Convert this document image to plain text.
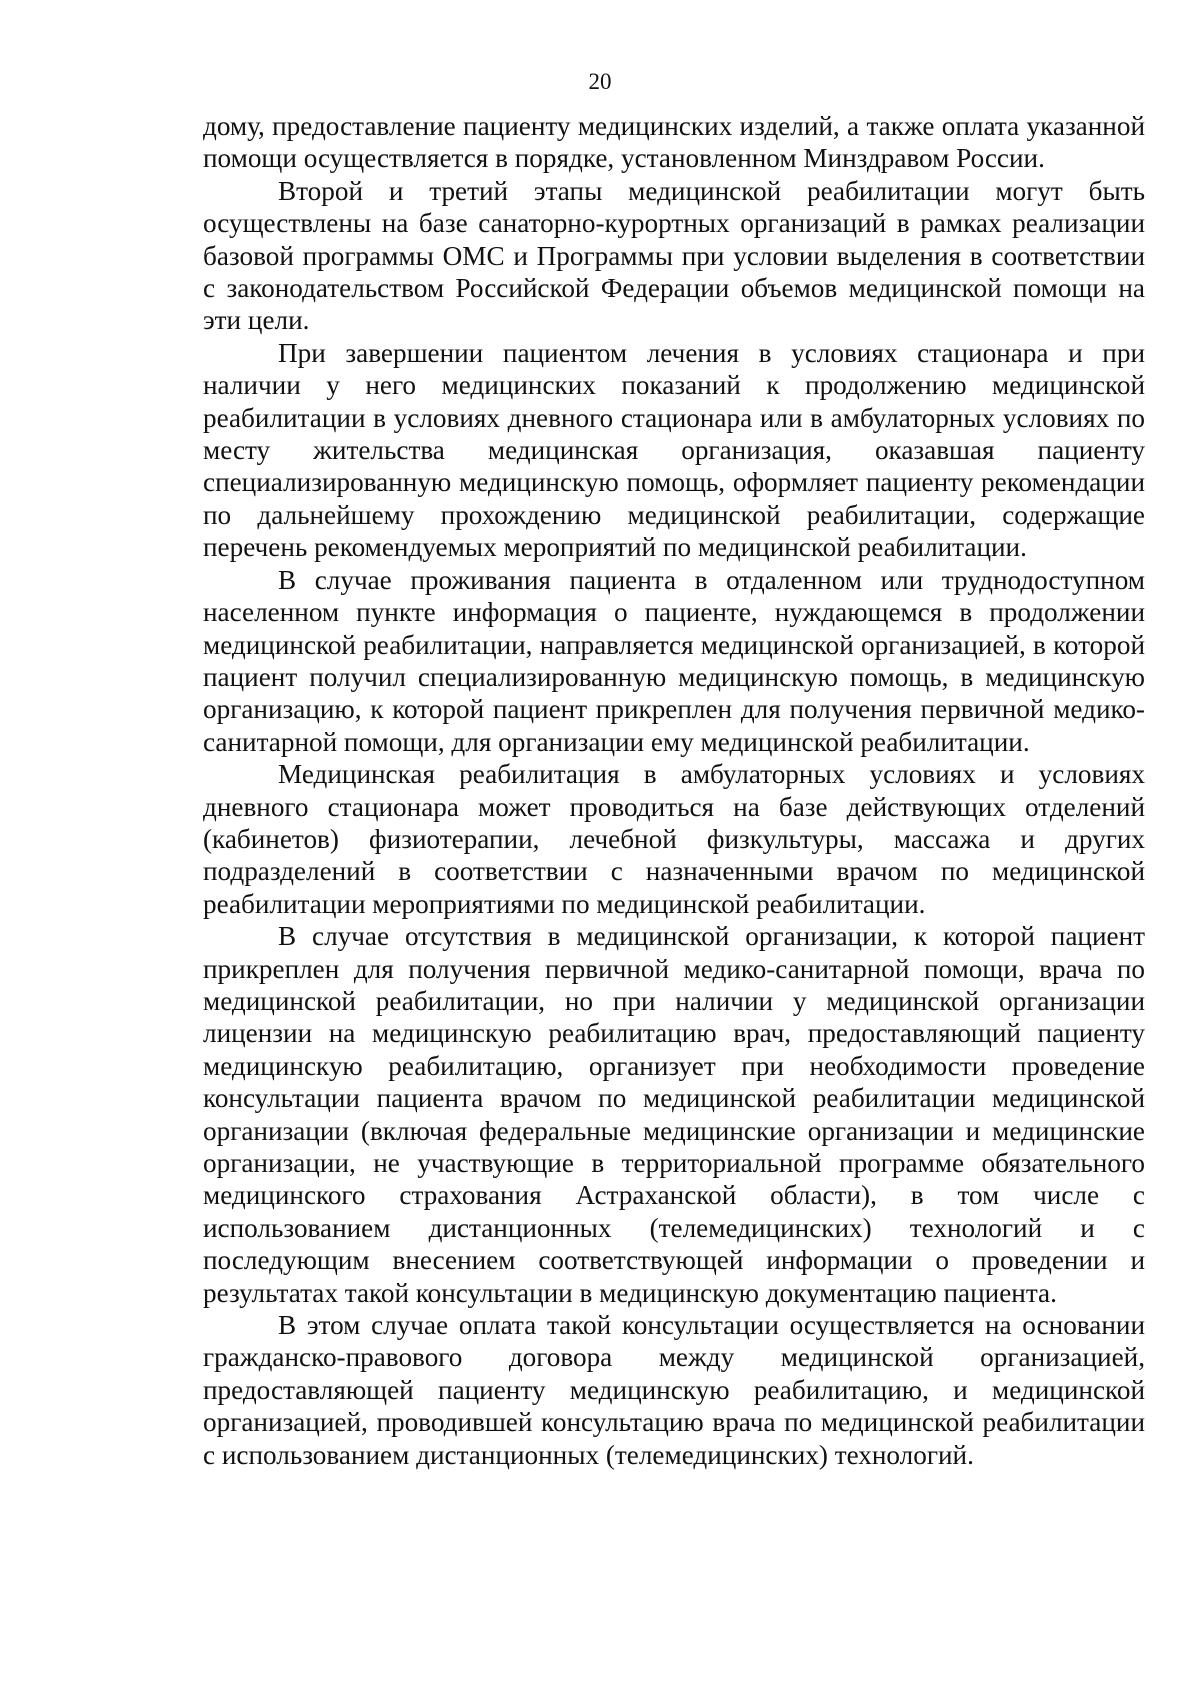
20

дому, предоставление пациенту медицинских изделий, а также оплата указанной помощи осуществляется в порядке, установленном Минздравом России.

Второй и третий этапы медицинской реабилитации могут быть осуществлены на базе санаторно-курортных организаций в рамках реализации базовой программы ОМС и Программы при условии выделения в соответствии с законодательством Российской Федерации объемов медицинской помощи на эти цели.

При завершении пациентом лечения в условиях стационара и при наличии у него медицинских показаний к продолжению медицинской реабилитации в условиях дневного стационара или в амбулаторных условиях по месту жительства медицинская организация, оказавшая пациенту специализированную медицинскую помощь, оформляет пациенту рекомендации по дальнейшему прохождению медицинской реабилитации, содержащие перечень рекомендуемых мероприятий по медицинской реабилитации.

В случае проживания пациента в отдаленном или труднодоступном населенном пункте информация о пациенте, нуждающемся в продолжении медицинской реабилитации, направляется медицинской организацией, в которой пациент получил специализированную медицинскую помощь, в медицинскую организацию, к которой пациент прикреплен для получения первичной медико-санитарной помощи, для организации ему медицинской реабилитации.

Медицинская реабилитация в амбулаторных условиях и условиях дневного стационара может проводиться на базе действующих отделений (кабинетов) физиотерапии, лечебной физкультуры, массажа и других подразделений в соответствии с назначенными врачом по медицинской реабилитации мероприятиями по медицинской реабилитации.

В случае отсутствия в медицинской организации, к которой пациент прикреплен для получения первичной медико-санитарной помощи, врача по медицинской реабилитации, но при наличии у медицинской организации лицензии на медицинскую реабилитацию врач, предоставляющий пациенту медицинскую реабилитацию, организует при необходимости проведение консультации пациента врачом по медицинской реабилитации медицинской организации (включая федеральные медицинские организации и медицинские организации, не участвующие в территориальной программе обязательного медицинского страхования Астраханской области), в том числе с использованием дистанционных (телемедицинских) технологий и с последующим внесением соответствующей информации о проведении и результатах такой консультации в медицинскую документацию пациента.

В этом случае оплата такой консультации осуществляется на основании гражданско-правового договора между медицинской организацией, предоставляющей пациенту медицинскую реабилитацию, и медицинской организацией, проводившей консультацию врача по медицинской реабилитации с использованием дистанционных (телемедицинских) технологий.
